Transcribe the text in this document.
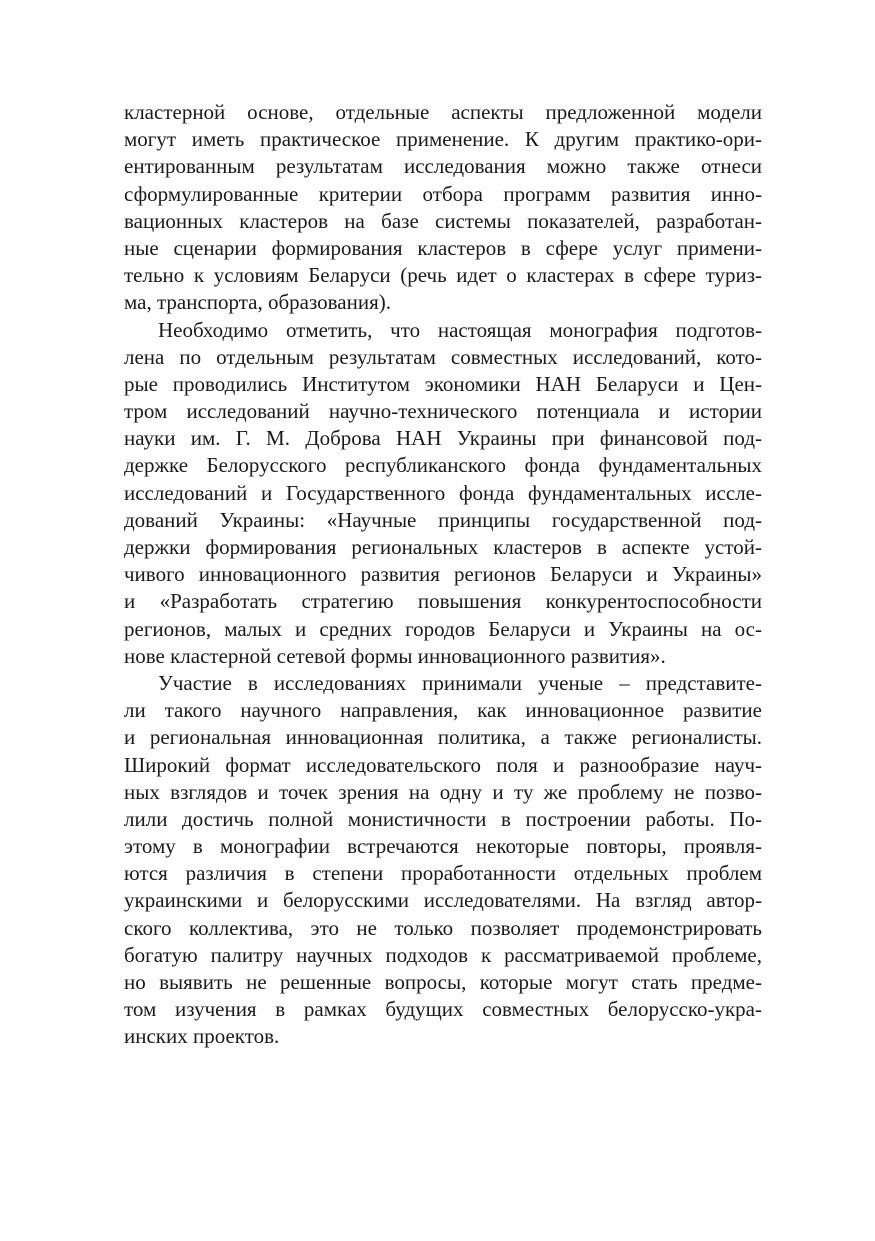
кластерной основе, отдельные аспекты предложенной модели
могут иметь практическое применение. К другим практико-ори-
ентированным результатам исследования можно также отнеси
сформулированные критерии отбора программ развития инно-
вационных кластеров на базе системы показателей, разработан-
ные сценарии формирования кластеров в сфере услуг примени-
тельно к условиям Беларуси (речь идет о кластерах в сфере туриз-
ма, транспорта, образования).
Необходимо отметить, что настоящая монография подготов-
лена по отдельным результатам совместных исследований, кото-
рые проводились Институтом экономики НАН Беларуси и Цен-
тром исследований научно-технического потенциала и истории
науки им. Г. М. Доброва НАН Украины при финансовой под-
держке Белорусского республиканского фонда фундаментальных
исследований и Государственного фонда фундаментальных иссле-
дований Украины: «Научные принципы государственной под-
держки формирования региональных кластеров в аспекте устой-
чивого инновационного развития регионов Беларуси и Украины»
и «Разработать стратегию повышения конкурентоспособности
регионов, малых и средних городов Беларуси и Украины на ос-
нове кластерной сетевой формы инновационного развития».
Участие в исследованиях принимали ученые – представите-
ли такого научного направления, как инновационное развитие
и региональная инновационная политика, а также регионалисты.
Широкий формат исследовательского поля и разнообразие науч-
ных взглядов и точек зрения на одну и ту же проблему не позво-
лили достичь полной монистичности в построении работы. По-
этому в монографии встречаются некоторые повторы, проявля-
ются различия в степени проработанности отдельных проблем
украинскими и белорусскими исследователями. На взгляд автор-
ского коллектива, это не только позволяет продемонстрировать
богатую палитру научных подходов к рассматриваемой проблеме,
но выявить не решенные вопросы, которые могут стать предме-
том изучения в рамках будущих совместных белорусско-укра-
инских проектов.
